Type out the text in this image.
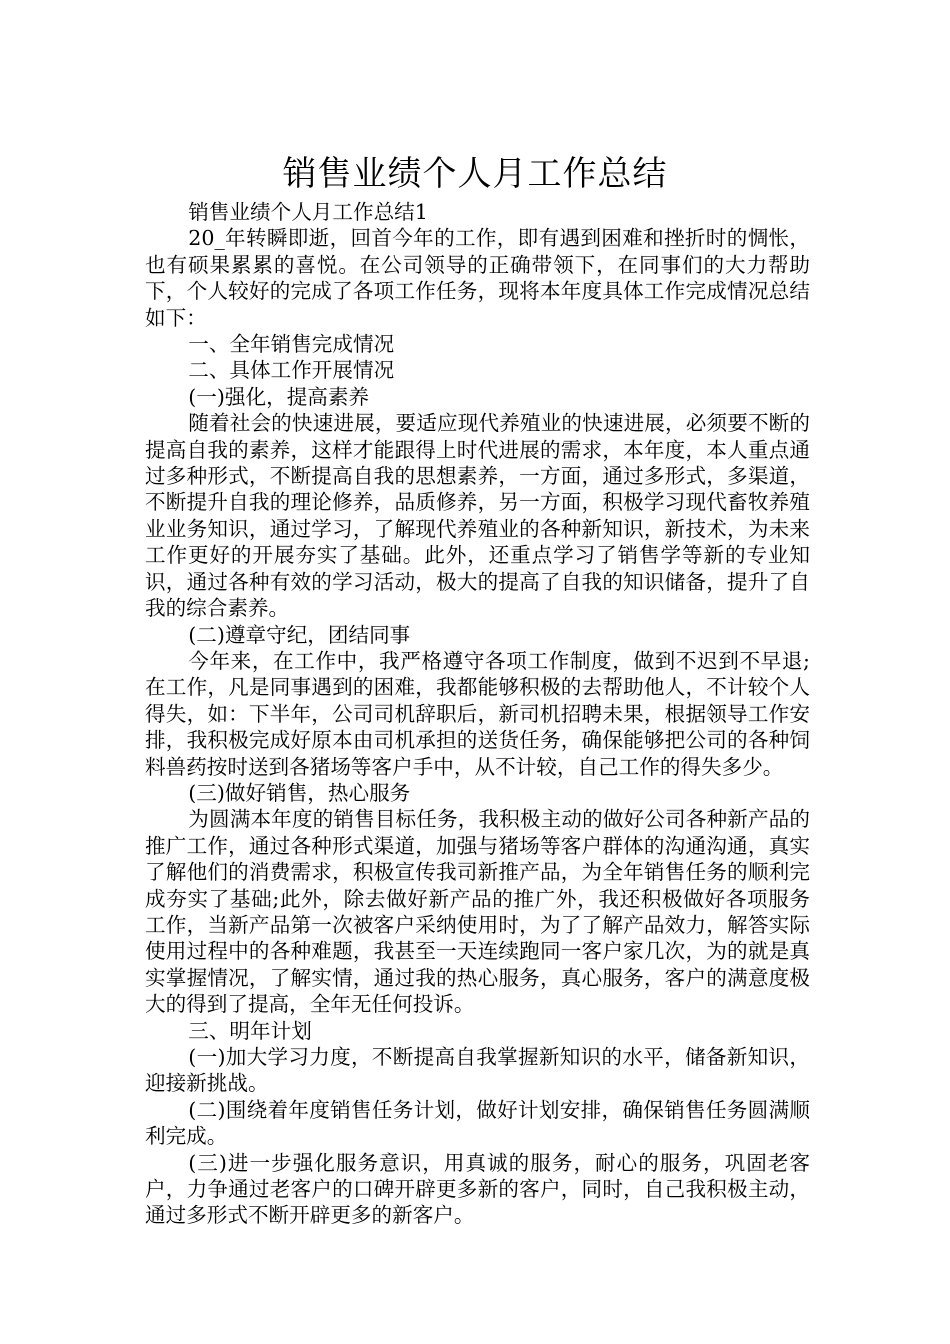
销售业绩个人月工作总结

销售业绩个人月工作总结1

20_年转瞬即逝，回首今年的工作，即有遇到困难和挫折时的惆怅，也有硕果累累的喜悦。在公司领导的正确带领下，在同事们的大力帮助下，个人较好的完成了各项工作任务，现将本年度具体工作完成情况总结如下：

一、全年销售完成情况

二、具体工作开展情况

(一)强化，提高素养

随着社会的快速进展，要适应现代养殖业的快速进展，必须要不断的提高自我的素养，这样才能跟得上时代进展的需求，本年度，本人重点通过多种形式，不断提高自我的思想素养，一方面，通过多形式，多渠道，不断提升自我的理论修养，品质修养，另一方面，积极学习现代畜牧养殖业业务知识，通过学习，了解现代养殖业的各种新知识，新技术，为未来工作更好的开展夯实了基础。此外，还重点学习了销售学等新的专业知识，通过各种有效的学习活动，极大的提高了自我的知识储备，提升了自我的综合素养。

(二)遵章守纪，团结同事

今年来，在工作中，我严格遵守各项工作制度，做到不迟到不早退;在工作，凡是同事遇到的困难，我都能够积极的去帮助他人，不计较个人得失，如：下半年，公司司机辞职后，新司机招聘未果，根据领导工作安排，我积极完成好原本由司机承担的送货任务，确保能够把公司的各种饲料兽药按时送到各猪场等客户手中，从不计较，自己工作的得失多少。

(三)做好销售，热心服务

为圆满本年度的销售目标任务，我积极主动的做好公司各种新产品的推广工作，通过各种形式渠道，加强与猪场等客户群体的沟通沟通，真实了解他们的消费需求，积极宣传我司新推产品，为全年销售任务的顺利完成夯实了基础;此外，除去做好新产品的推广外，我还积极做好各项服务工作，当新产品第一次被客户采纳使用时，为了了解产品效力，解答实际使用过程中的各种难题，我甚至一天连续跑同一客户家几次，为的就是真实掌握情况，了解实情，通过我的热心服务，真心服务，客户的满意度极大的得到了提高，全年无任何投诉。

三、明年计划

(一)加大学习力度，不断提高自我掌握新知识的水平，储备新知识，迎接新挑战。

(二)围绕着年度销售任务计划，做好计划安排，确保销售任务圆满顺利完成。

(三)进一步强化服务意识，用真诚的服务，耐心的服务，巩固老客户，力争通过老客户的口碑开辟更多新的客户，同时，自己我积极主动，通过多形式不断开辟更多的新客户。
